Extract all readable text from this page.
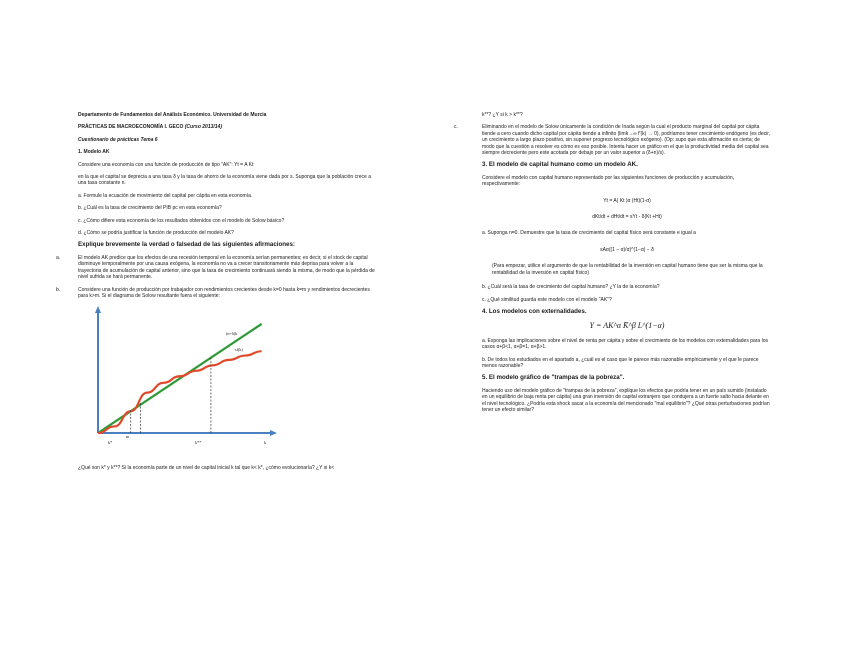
Departamento de Fundamentos del Análisis Económico. Universidad de Murcia
PRÁCTICAS DE MACROECONOMÍA I. GECO (Curso 2013/14)
Cuestionario de prácticas Tema 6
1. Modelo AK
Considere una economía con una función de producción de tipo "AK": Yt = A Kt
en la que el capital se deprecia a una tasa δ y la tasa de ahorro de la economía viene dada por s. Suponga que la población crece a una tasa constante n.
a. Formule la ecuación de movimiento del capital per cápita en esta economía.
b. ¿Cuál es la tasa de crecimiento del PIB pc en esta economía?
c. ¿Cómo difiere esta economía de los resultados obtenidos con el modelo de Solow básico?
d. ¿Cómo se podría justificar la función de producción del modelo AK?
Explique brevemente la verdad o falsedad de las siguientes afirmaciones:
a.	El modelo AK predice que los efectos de una recesión temporal en la economía serían permanentes; es decir, si el stock de capital disminuye temporalmente por una causa exógena, la economía no va a crecer transitoriamente más deprisa para volver a la trayectoria de acumulación de capital anterior, sino que la tasa de crecimiento continuará siendo la misma, de modo que la pérdida de nivel sufrida se hará permanente.
b.	Considere una función de producción por trabajador con rendimientos crecientes desde k=0 hasta k=m y rendimientos decrecientes para k>m. Si el diagrama de Solow resultante fuera el siguiente:
(n+δ)k
sf(k)
k*
m
k**	k
¿Qué son k* y k**? Si la economía parte de un nivel de capital inicial k tal que k< k*, ¿cómo evolucionaría? ¿Y si k<
k**? ¿Y si k > k**?
c.	Eliminando en el modelo de Solow únicamente la condición de Inada según la cual el producto marginal del capital por cápita tiende a cero cuando dicho capital por cápita tiende a infinito (limk→∞ f'(k) → 0), podríamos tener crecimiento endógeno (es decir, un crecimiento a largo plazo positivo, sin suponer progreso tecnológico exógeno). (Op: supo que esta afirmación es cierta; de modo que la cuestión a resolver es cómo es eso posible. Intenta hacer un gráfico en el que la productividad media del capital sea siempre decreciente pero este acotada por debajo por un valor superior a (δ+n)/s).
3. El modelo de capital humano como un modelo AK.
Considere el modelo con capital humano representado por las siguientes funciones de producción y acumulación, respectivamente:
Yt = A( Kt )α (Ht)(1-α)
dKt/dt + dHt/dt = sYt - δ(Kt +Ht)
a. Suponga n=0. Demuestre que la tasa de crecimiento del capital físico será constante e igual a
sAα((1 − α)/α)^(1−α) − δ
(Para empezar, utilice el argumento de que la rentabilidad de la inversión en capital humano tiene que ser la misma que la rentabilidad de la inversión en capital físico)
b. ¿Cuál será la tasa de crecimiento del capital humano? ¿Y la de la economía?
c. ¿Qué similitud guarda este modelo con el modelo "AK"?
4. Los modelos con externalidades.
Y = AK^α K̄^β L^(1−α)
a. Exponga las implicaciones sobre el nivel de renta per cápita y sobre el crecimiento de los modelos con externalidades para los casos α+β<1, α+β=1, α+β>1.
b. De todos los estudiados en el apartado a, ¿cuál es el caso que le parece más razonable empíricamente y el que le parece menos razonable?
5. El modelo gráfico de "trampas de la pobreza".
Haciendo uso del modelo gráfico de "trampas de la pobreza", explique los efectos que podría tener en un país sumido (instalado en un equilibrio de baja renta per cápita) una gran inversión de capital extranjero que condujera a un fuerte salto hacia delante en el nivel tecnológico. ¿Podría esta shock sacar a la economía del mencionado "mal equilibrio"? ¿Qué otras perturbaciones podrían tener un efecto similar?
